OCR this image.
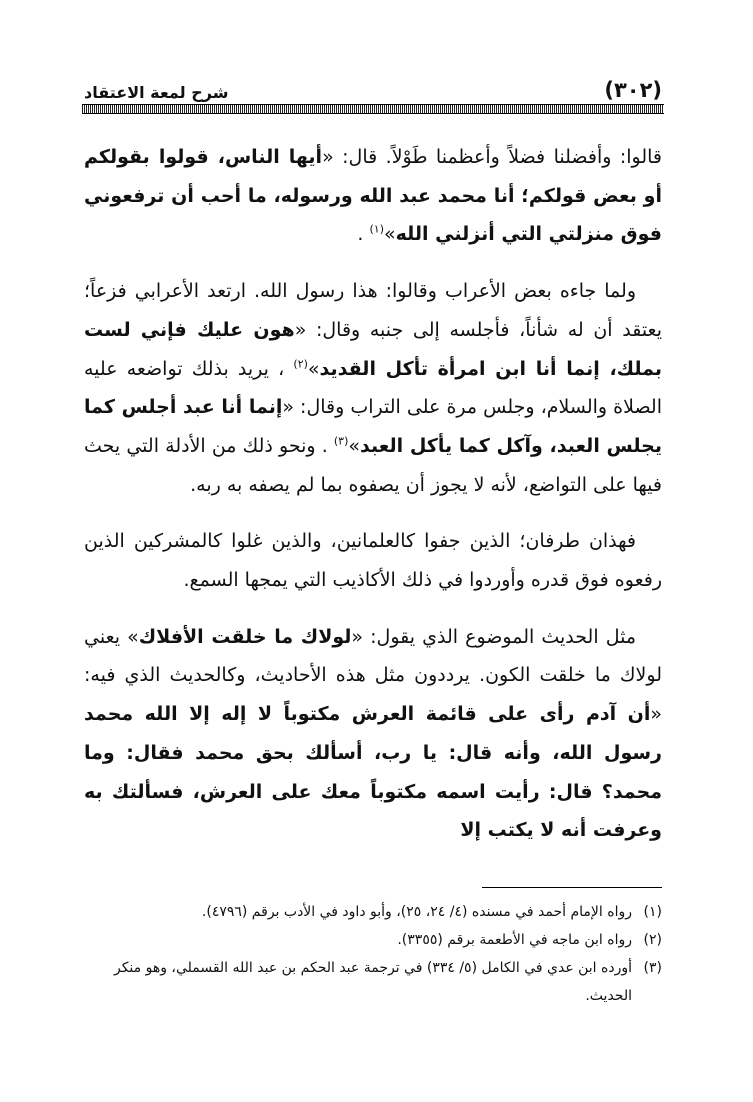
(٣٠٢)
شرح لمعة الاعتقاد

قالوا: وأفضلنا فضلاً وأعظمنا طَوْلاً. قال: «أيها الناس، قولوا بقولكم أو بعض قولكم؛ أنا محمد عبد الله ورسوله، ما أحب أن ترفعوني فوق منزلتي التي أنزلني الله»$^{(١)}$ .

ولما جاءه بعض الأعراب وقالوا: هذا رسول الله. ارتعد الأعرابي فزعاً؛ يعتقد أن له شأناً، فأجلسه إلى جنبه وقال: «هون عليك فإني لست بملك، إنما أنا ابن امرأة تأكل القديد»$^{(٢)}$ ، يريد بذلك تواضعه عليه الصلاة والسلام، وجلس مرة على التراب وقال: «إنما أنا عبد أجلس كما يجلس العبد، وآكل كما يأكل العبد»$^{(٣)}$ . ونحو ذلك من الأدلة التي يحث فيها على التواضع، لأنه لا يجوز أن يصفوه بما لم يصفه به ربه.

فهذان طرفان؛ الذين جفوا كالعلمانين، والذين غلوا كالمشركين الذين رفعوه فوق قدره وأوردوا في ذلك الأكاذيب التي يمجها السمع.

مثل الحديث الموضوع الذي يقول: «لولاك ما خلقت الأفلاك» يعني لولاك ما خلقت الكون. يرددون مثل هذه الأحاديث، وكالحديث الذي فيه: «أن آدم رأى على قائمة العرش مكتوباً لا إله إلا الله محمد رسول الله، وأنه قال: يا رب، أسألك بحق محمد فقال: وما محمد؟ قال: رأيت اسمه مكتوباً معك على العرش، فسألتك به وعرفت أنه لا يكتب إلا

(١)
رواه الإمام أحمد في مسنده (٤/ ٢٤، ٢٥)، وأبو داود في الأدب برقم (٤٧٩٦).
(٢)
رواه ابن ماجه في الأطعمة برقم (٣٣٥٥).
(٣)
أورده ابن عدي في الكامل (٥/ ٣٣٤) في ترجمة عبد الحكم بن عبد الله القسملي، وهو منكر الحديث.
